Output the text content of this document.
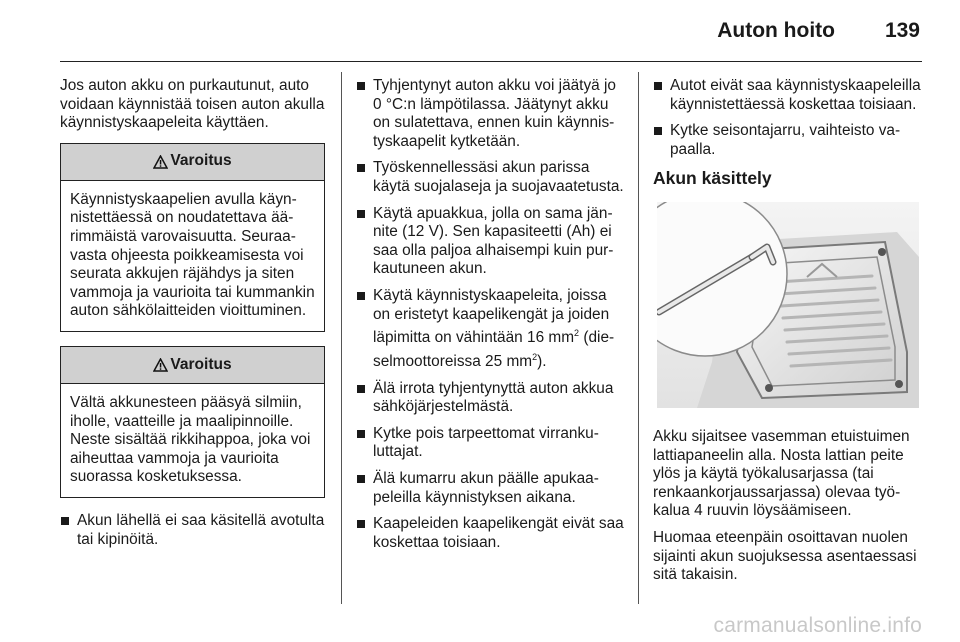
Auton hoito 139

Jos auton akku on purkautunut, auto voidaan käynnistää toisen auton akulla käynnistyskaapeleita käyttäen.

Varoitus
Käynnistyskaapelien avulla käynnistettäessä on noudatettava äärimmäistä varovaisuutta. Seuraavasta ohjeesta poikkeamisesta voi seurata akkujen räjähdys ja siten vammoja ja vaurioita tai kummankin auton sähkölaitteiden vioittuminen.
Varoitus
Vältä akkunesteen pääsyä silmiin, iholle, vaatteille ja maalipinnoille. Neste sisältää rikkihappoa, joka voi aiheuttaa vammoja ja vaurioita suorassa kosketuksessa.
Akun lähellä ei saa käsitellä avotulta tai kipinöitä.
Tyhjentynyt auton akku voi jäätyä jo 0 °C:n lämpötilassa. Jäätynyt akku on sulatettava, ennen kuin käynnistyskaapelit kytketään.
Työskennellessäsi akun parissa käytä suojalaseja ja suojavaatetusta.
Käytä apuakkua, jolla on sama jännite (12 V). Sen kapasiteetti (Ah) ei saa olla paljoa alhaisempi kuin purkautuneen akun.
Käytä käynnistyskaapeleita, joissa on eristetyt kaapelikengät ja joiden läpimitta on vähintään 16 $mm^2$ (dieselmoottoreissa 25 $mm^2$).
Älä irrota tyhjentynyttä auton akkua sähköjärjestelmästä.
Kytke pois tarpeettomat virrankuluttajat.
Älä kumarru akun päälle apukaapeleilla käynnistyksen aikana.
Kaapeleiden kaapelikengät eivät saa koskettaa toisiaan.
Autot eivät saa käynnistyskaapeleilla käynnistettäessä koskettaa toisiaan.
Kytke seisontajarru, vaihteisto vapaalla.
Akun käsittely

Akku sijaitsee vasemman etuistuimen lattiapaneelin alla. Nosta lattian peite ylös ja käytä työkalusarjassa (tai renkaankorjaussarjassa) olevaa työkalua 4 ruuvin löysäämiseen.

Huomaa eteenpäin osoittavan nuolen sijainti akun suojuksessa asentaessasi sitä takaisin.

carmanualsonline.info
